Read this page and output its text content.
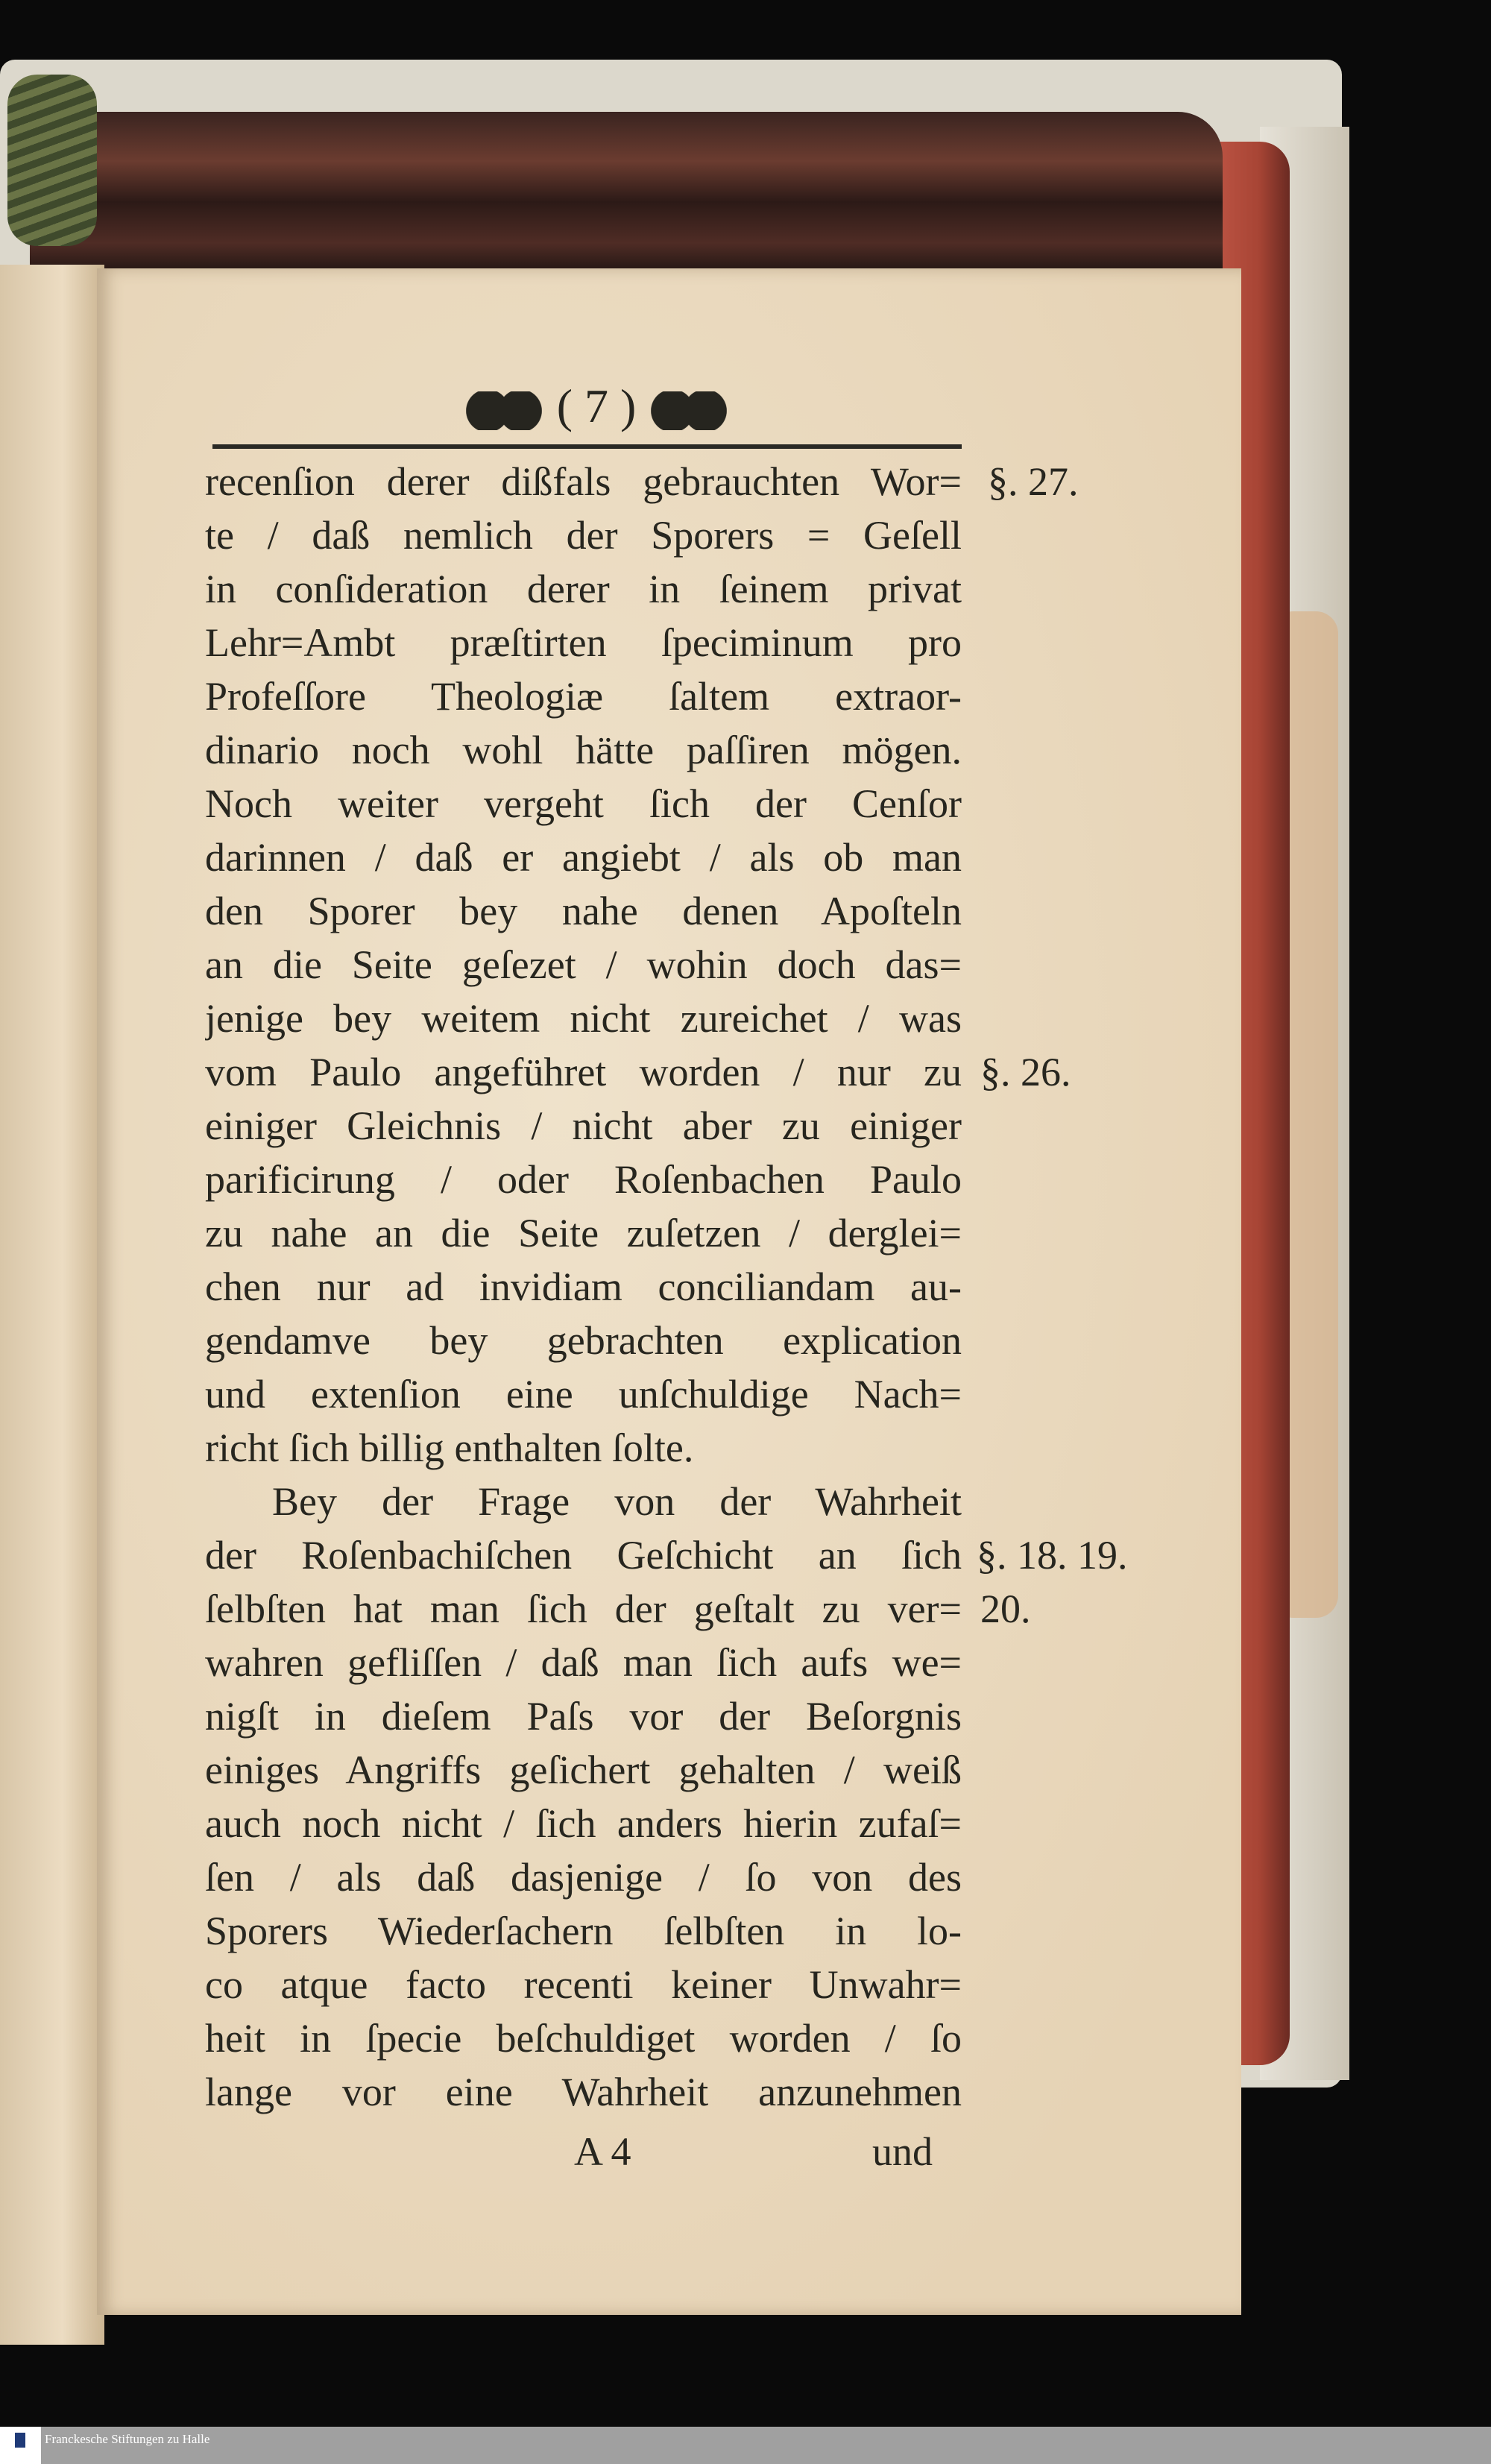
( 7 )
recenſion derer dißfals gebrauchten Wor=
te / daß nemlich der Sporers = Geſell
in conſideration derer in ſeinem privat
Lehr=Ambt præſtirten ſpeciminum pro
Profeſſore Theologiæ ſaltem extraor-
dinario noch wohl hätte paſſiren mögen.
Noch weiter vergeht ſich der Cenſor
darinnen / daß er angiebt / als ob man
den Sporer bey nahe denen Apoſteln
an die Seite geſezet / wohin doch das=
jenige bey weitem nicht zureichet / was
vom Paulo angeführet worden / nur zu
einiger Gleichnis / nicht aber zu einiger
parificirung / oder Roſenbachen Paulo
zu nahe an die Seite zuſetzen / derglei=
chen nur ad invidiam conciliandam au-
gendamve bey gebrachten explication
und extenſion eine unſchuldige Nach=
richt ſich billig enthalten ſolte.
Bey der Frage von der Wahrheit
der Roſenbachiſchen Geſchicht an ſich
ſelbſten hat man ſich der geſtalt zu ver=
wahren gefliſſen / daß man ſich aufs we=
nigſt in dieſem Paſs vor der Beſorgnis
einiges Angriffs geſichert gehalten / weiß
auch noch nicht / ſich anders hierin zufaſ=
ſen / als daß dasjenige / ſo von des
Sporers Wiederſachern ſelbſten in lo-
co atque facto recenti keiner Unwahr=
heit in ſpecie beſchuldiget worden / ſo
lange vor eine Wahrheit anzunehmen
§. 27.
§. 26.
§. 18. 19.
20.
A 4	und
Franckesche Stiftungen zu Halle
